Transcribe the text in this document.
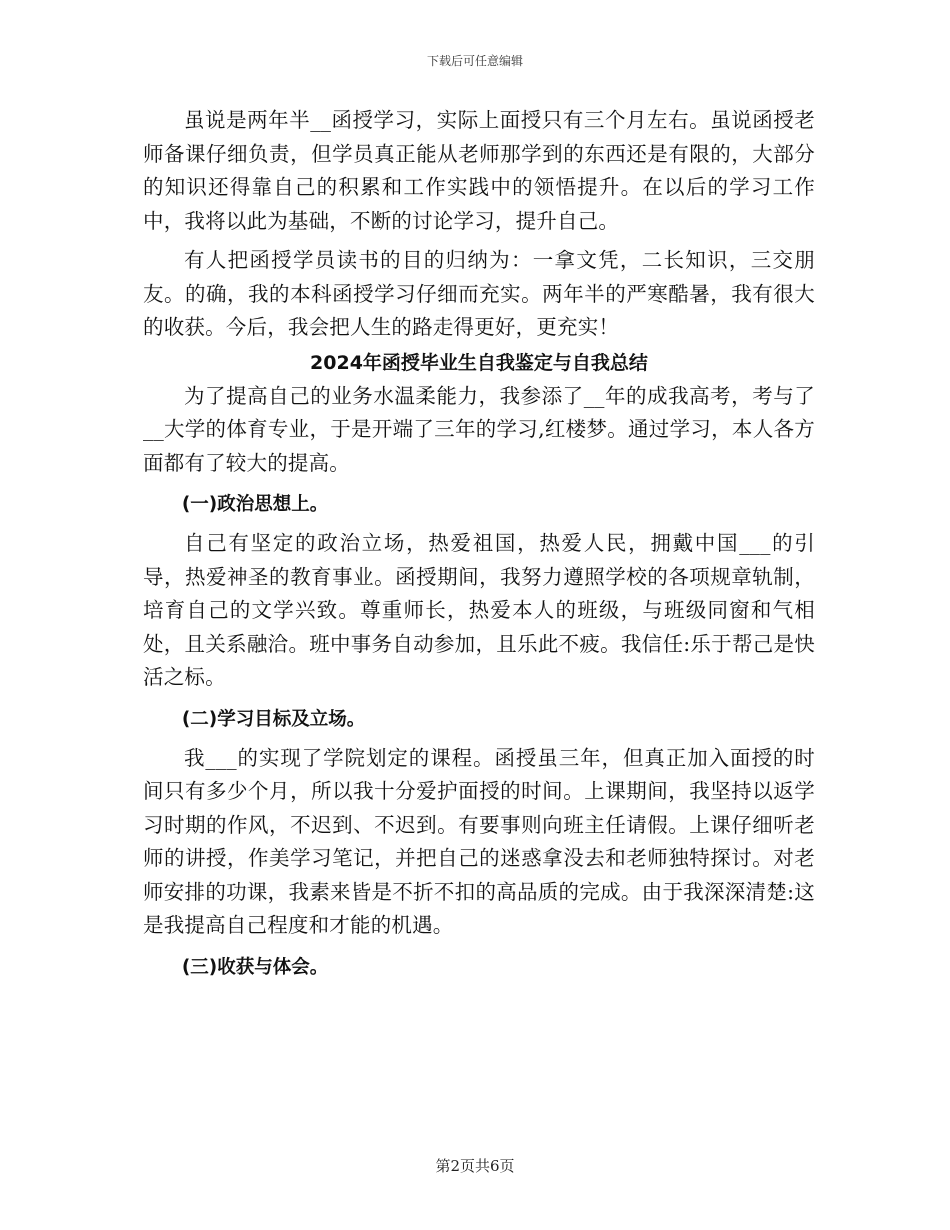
下载后可任意编辑

虽说是两年半__函授学习，实际上面授只有三个月左右。虽说函授老师备课仔细负责，但学员真正能从老师那学到的东西还是有限的，大部分的知识还得靠自己的积累和工作实践中的领悟提升。在以后的学习工作中，我将以此为基础，不断的讨论学习，提升自己。

有人把函授学员读书的目的归纳为：一拿文凭，二长知识，三交朋友。的确，我的本科函授学习仔细而充实。两年半的严寒酷暑，我有很大的收获。今后，我会把人生的路走得更好，更充实！

2024年函授毕业生自我鉴定与自我总结

为了提高自己的业务水温柔能力，我参添了__年的成我高考，考与了__大学的体育专业，于是开端了三年的学习,红楼梦。通过学习，本人各方面都有了较大的提高。

(一)政治思想上。

自己有坚定的政治立场，热爱祖国，热爱人民，拥戴中国___的引导，热爱神圣的教育事业。函授期间，我努力遵照学校的各项规章轨制，培育自己的文学兴致。尊重师长，热爱本人的班级，与班级同窗和气相处，且关系融洽。班中事务自动参加，且乐此不疲。我信任:乐于帮己是快活之标。

(二)学习目标及立场。

我___的实现了学院划定的课程。函授虽三年，但真正加入面授的时间只有多少个月，所以我十分爱护面授的时间。上课期间，我坚持以返学习时期的作风，不迟到、不迟到。有要事则向班主任请假。上课仔细听老师的讲授，作美学习笔记，并把自己的迷惑拿没去和老师独特探讨。对老师安排的功课，我素来皆是不折不扣的高品质的完成。由于我深深清楚:这是我提高自己程度和才能的机遇。

(三)收获与体会。
第2页共6页
